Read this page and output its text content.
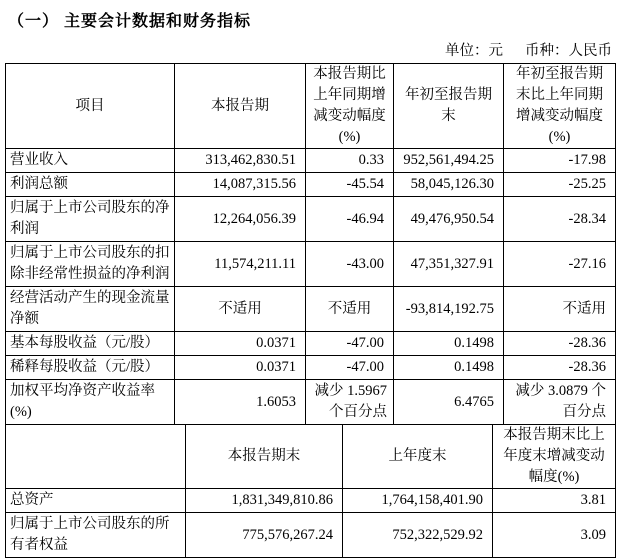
（一） 主要会计数据和财务指标
单位：元 币种：人民币
项目	本报告期	本报告期比上年同期增减变动幅度(%)	年初至报告期末	年初至报告期末比上年同期增减变动幅度(%)
营业收入	313,462,830.51	0.33	952,561,494.25	-17.98
利润总额	14,087,315.56	-45.54	58,045,126.30	-25.25
归属于上市公司股东的净利润	12,264,056.39	-46.94	49,476,950.54	-28.34
归属于上市公司股东的扣除非经常性损益的净利润	11,574,211.11	-43.00	47,351,327.91	-27.16
经营活动产生的现金流量净额	不适用	不适用	-93,814,192.75	不适用
基本每股收益（元/股）	0.0371	-47.00	0.1498	-28.36
稀释每股收益（元/股）	0.0371	-47.00	0.1498	-28.36
加权平均净资产收益率(%)	1.6053	减少 1.5967 个百分点	6.4765	减少 3.0879 个百分点
	本报告期末	上年度末	本报告期末比上年度末增减变动幅度(%)
总资产	1,831,349,810.86	1,764,158,401.90	3.81
归属于上市公司股东的所有者权益	775,576,267.24	752,322,529.92	3.09
